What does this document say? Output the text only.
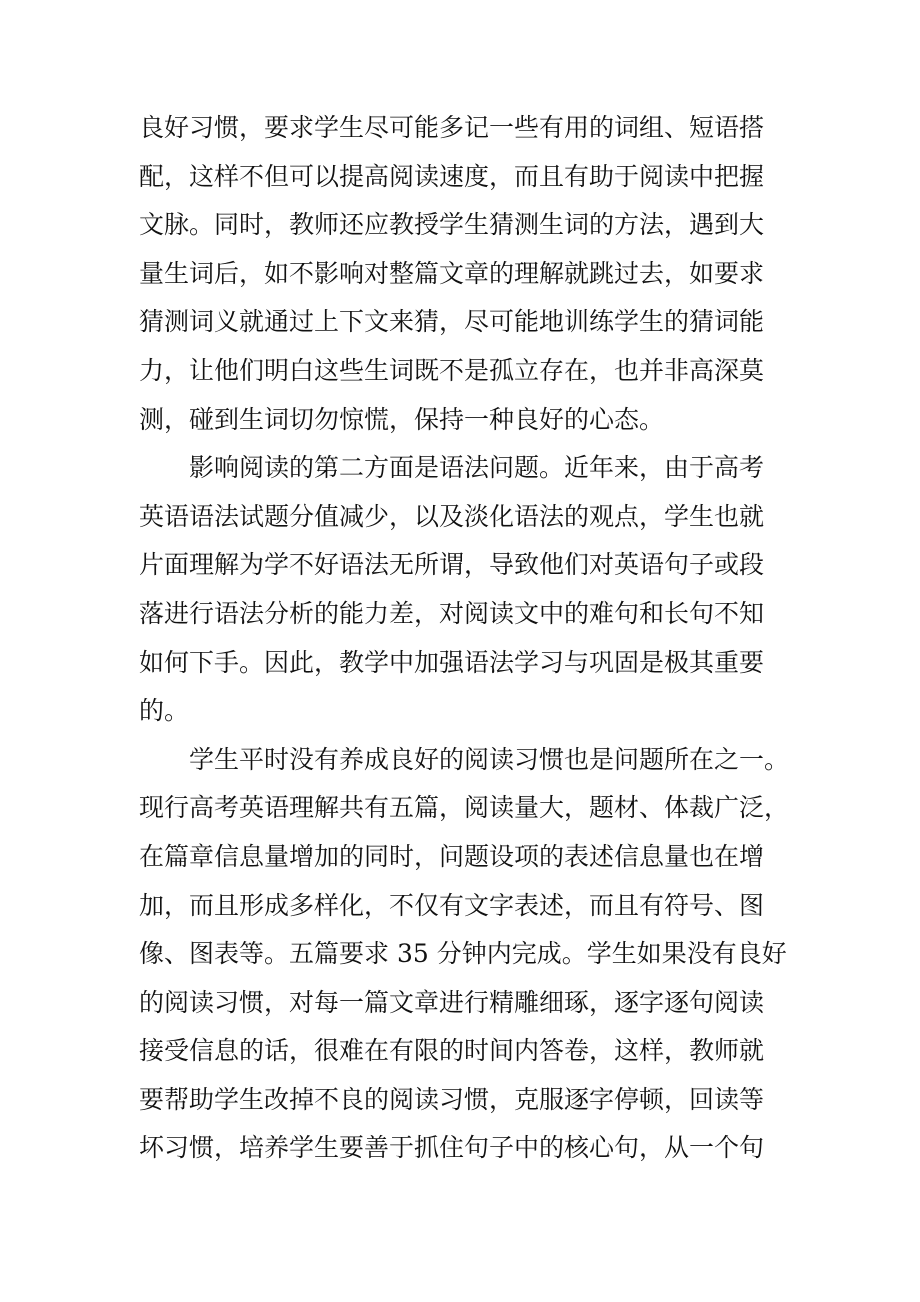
良好习惯，要求学生尽可能多记一些有用的词组、短语搭
配，这样不但可以提高阅读速度，而且有助于阅读中把握
文脉。同时，教师还应教授学生猜测生词的方法，遇到大
量生词后，如不影响对整篇文章的理解就跳过去，如要求
猜测词义就通过上下文来猜，尽可能地训练学生的猜词能
力，让他们明白这些生词既不是孤立存在，也并非高深莫
测，碰到生词切勿惊慌，保持一种良好的心态。
　　影响阅读的第二方面是语法问题。近年来，由于高考
英语语法试题分值减少，以及淡化语法的观点，学生也就
片面理解为学不好语法无所谓，导致他们对英语句子或段
落进行语法分析的能力差，对阅读文中的难句和长句不知
如何下手。因此，教学中加强语法学习与巩固是极其重要
的。
　　学生平时没有养成良好的阅读习惯也是问题所在之一。
现行高考英语理解共有五篇，阅读量大，题材、体裁广泛，
在篇章信息量增加的同时，问题设项的表述信息量也在增
加，而且形成多样化，不仅有文字表述，而且有符号、图
像、图表等。五篇要求 35 分钟内完成。学生如果没有良好
的阅读习惯，对每一篇文章进行精雕细琢，逐字逐句阅读
接受信息的话，很难在有限的时间内答卷，这样，教师就
要帮助学生改掉不良的阅读习惯，克服逐字停顿，回读等
坏习惯，培养学生要善于抓住句子中的核心句，从一个句
